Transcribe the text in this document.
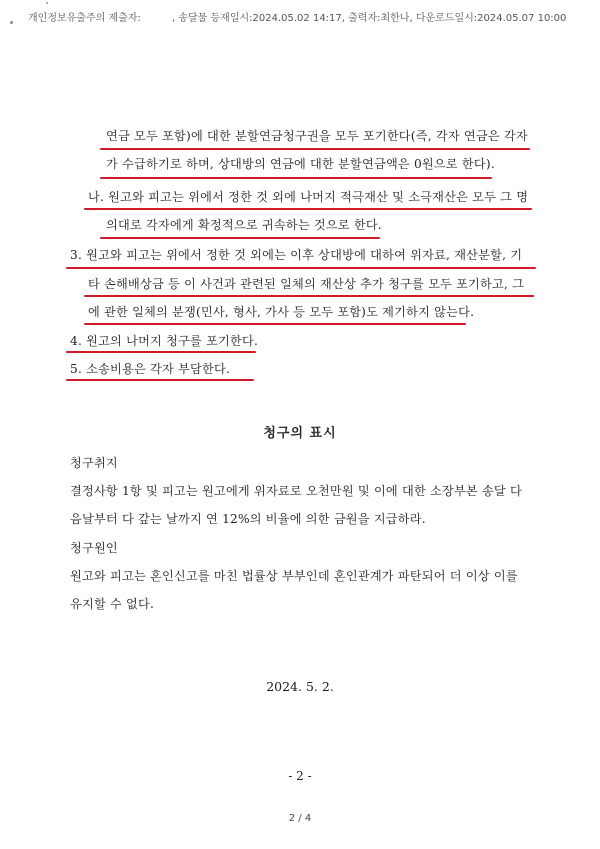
개인정보유출주의 제출자:	, 송달물 등재일시:2024.05.02 14:17, 출력자:최한나, 다운로드일시:2024.05.07 10:00
연금 모두 포함)에 대한 분할연금청구권을 모두 포기한다(즉, 각자 연금은 각자
가 수급하기로 하며, 상대방의 연금에 대한 분할연금액은 0원으로 한다).
나. 원고와 피고는 위에서 정한 것 외에 나머지 적극재산 및 소극재산은 모두 그 명
의대로 각자에게 확정적으로 귀속하는 것으로 한다.
3. 원고와 피고는 위에서 정한 것 외에는 이후 상대방에 대하여 위자료, 재산분할, 기
타 손해배상금 등 이 사건과 관련된 일체의 재산상 추가 청구를 모두 포기하고, 그
에 관한 일체의 분쟁(민사, 형사, 가사 등 모두 포함)도 제기하지 않는다.
4. 원고의 나머지 청구를 포기한다.
5. 소송비용은 각자 부담한다.
청구의 표시
청구취지
결정사항 1항 및 피고는 원고에게 위자료로 오천만원 및 이에 대한 소장부본 송달 다
음날부터 다 갚는 날까지 연 12%의 비율에 의한 금원을 지급하라.
청구원인
원고와 피고는 혼인신고를 마친 법률상 부부인데 혼인관계가 파탄되어 더 이상 이를
유지할 수 없다.
2024. 5. 2.
- 2 -
2 / 4
